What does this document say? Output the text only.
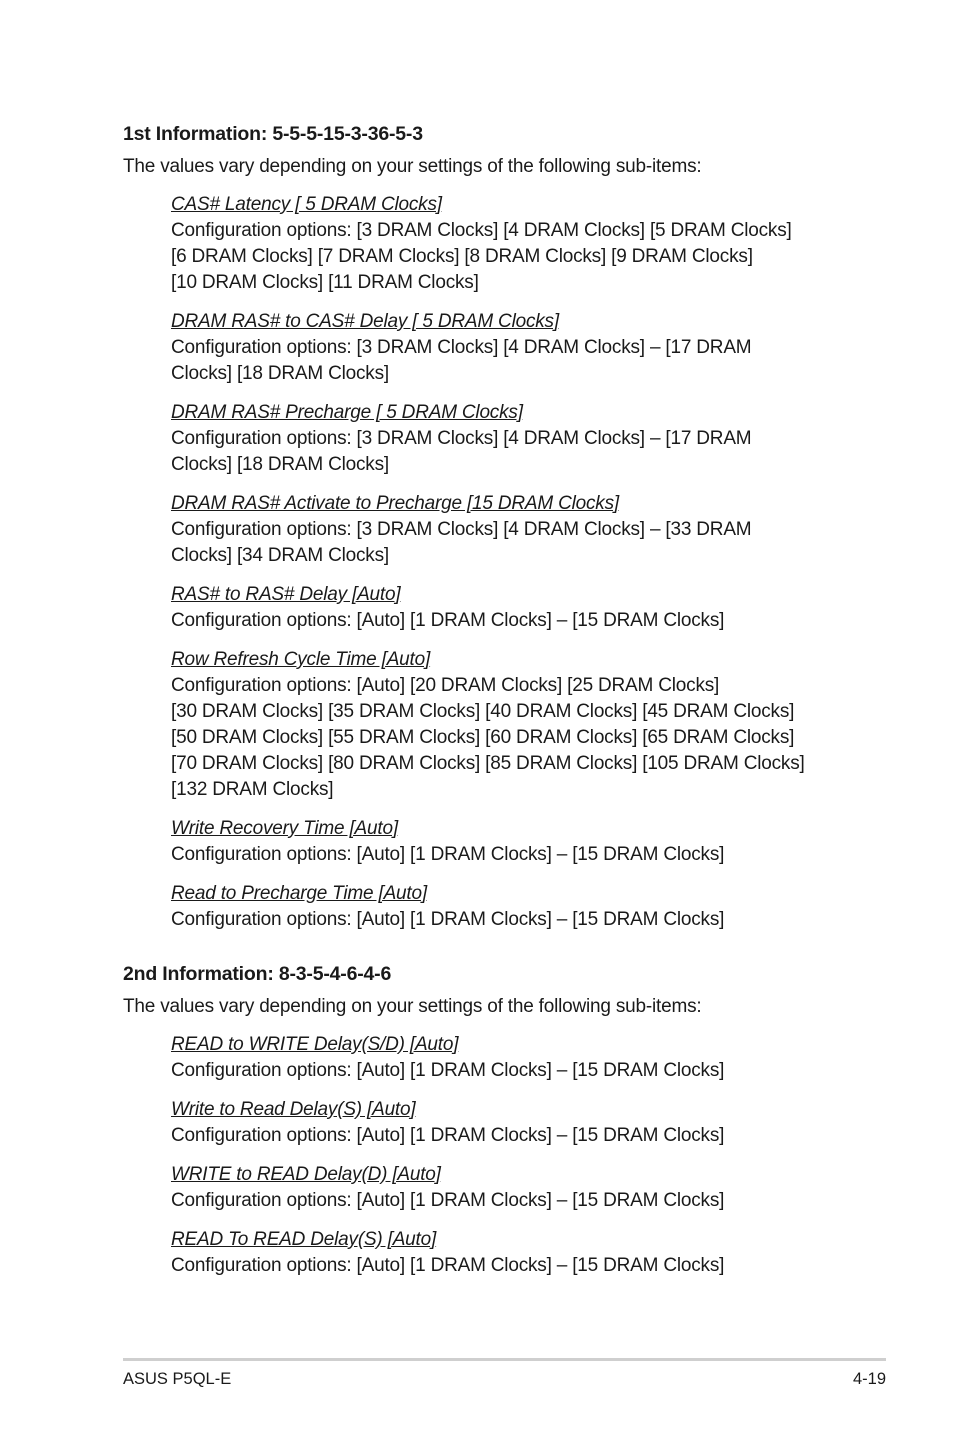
1st Information: 5-5-5-15-3-36-5-3

The values vary depending on your settings of the following sub-items:

CAS# Latency [ 5 DRAM Clocks]
Configuration options: [3 DRAM Clocks] [4 DRAM Clocks] [5 DRAM Clocks]
[6 DRAM Clocks] [7 DRAM Clocks] [8 DRAM Clocks] [9 DRAM Clocks]
[10 DRAM Clocks] [11 DRAM Clocks]
DRAM RAS# to CAS# Delay [ 5 DRAM Clocks]
Configuration options: [3 DRAM Clocks] [4 DRAM Clocks] – [17 DRAM
Clocks] [18 DRAM Clocks]
DRAM RAS# Precharge [ 5 DRAM Clocks]
Configuration options: [3 DRAM Clocks] [4 DRAM Clocks] – [17 DRAM
Clocks] [18 DRAM Clocks]
DRAM RAS# Activate to Precharge [15 DRAM Clocks]
Configuration options: [3 DRAM Clocks] [4 DRAM Clocks] – [33 DRAM
Clocks] [34 DRAM Clocks]
RAS# to RAS# Delay [Auto]
Configuration options: [Auto] [1 DRAM Clocks] – [15 DRAM Clocks]
Row Refresh Cycle Time [Auto]
Configuration options: [Auto] [20 DRAM Clocks] [25 DRAM Clocks]
[30 DRAM Clocks] [35 DRAM Clocks] [40 DRAM Clocks] [45 DRAM Clocks]
[50 DRAM Clocks] [55 DRAM Clocks] [60 DRAM Clocks] [65 DRAM Clocks]
[70 DRAM Clocks] [80 DRAM Clocks] [85 DRAM Clocks] [105 DRAM Clocks]
[132 DRAM Clocks]
Write Recovery Time [Auto]
Configuration options: [Auto] [1 DRAM Clocks] – [15 DRAM Clocks]
Read to Precharge Time [Auto]
Configuration options: [Auto] [1 DRAM Clocks] – [15 DRAM Clocks]
2nd Information: 8-3-5-4-6-4-6

The values vary depending on your settings of the following sub-items:

READ to WRITE Delay(S/D) [Auto]
Configuration options: [Auto] [1 DRAM Clocks] – [15 DRAM Clocks]
Write to Read Delay(S) [Auto]
Configuration options: [Auto] [1 DRAM Clocks] – [15 DRAM Clocks]
WRITE to READ Delay(D) [Auto]
Configuration options: [Auto] [1 DRAM Clocks] – [15 DRAM Clocks]
READ To READ Delay(S) [Auto]
Configuration options: [Auto] [1 DRAM Clocks] – [15 DRAM Clocks]
ASUS P5QL-E	4-19
